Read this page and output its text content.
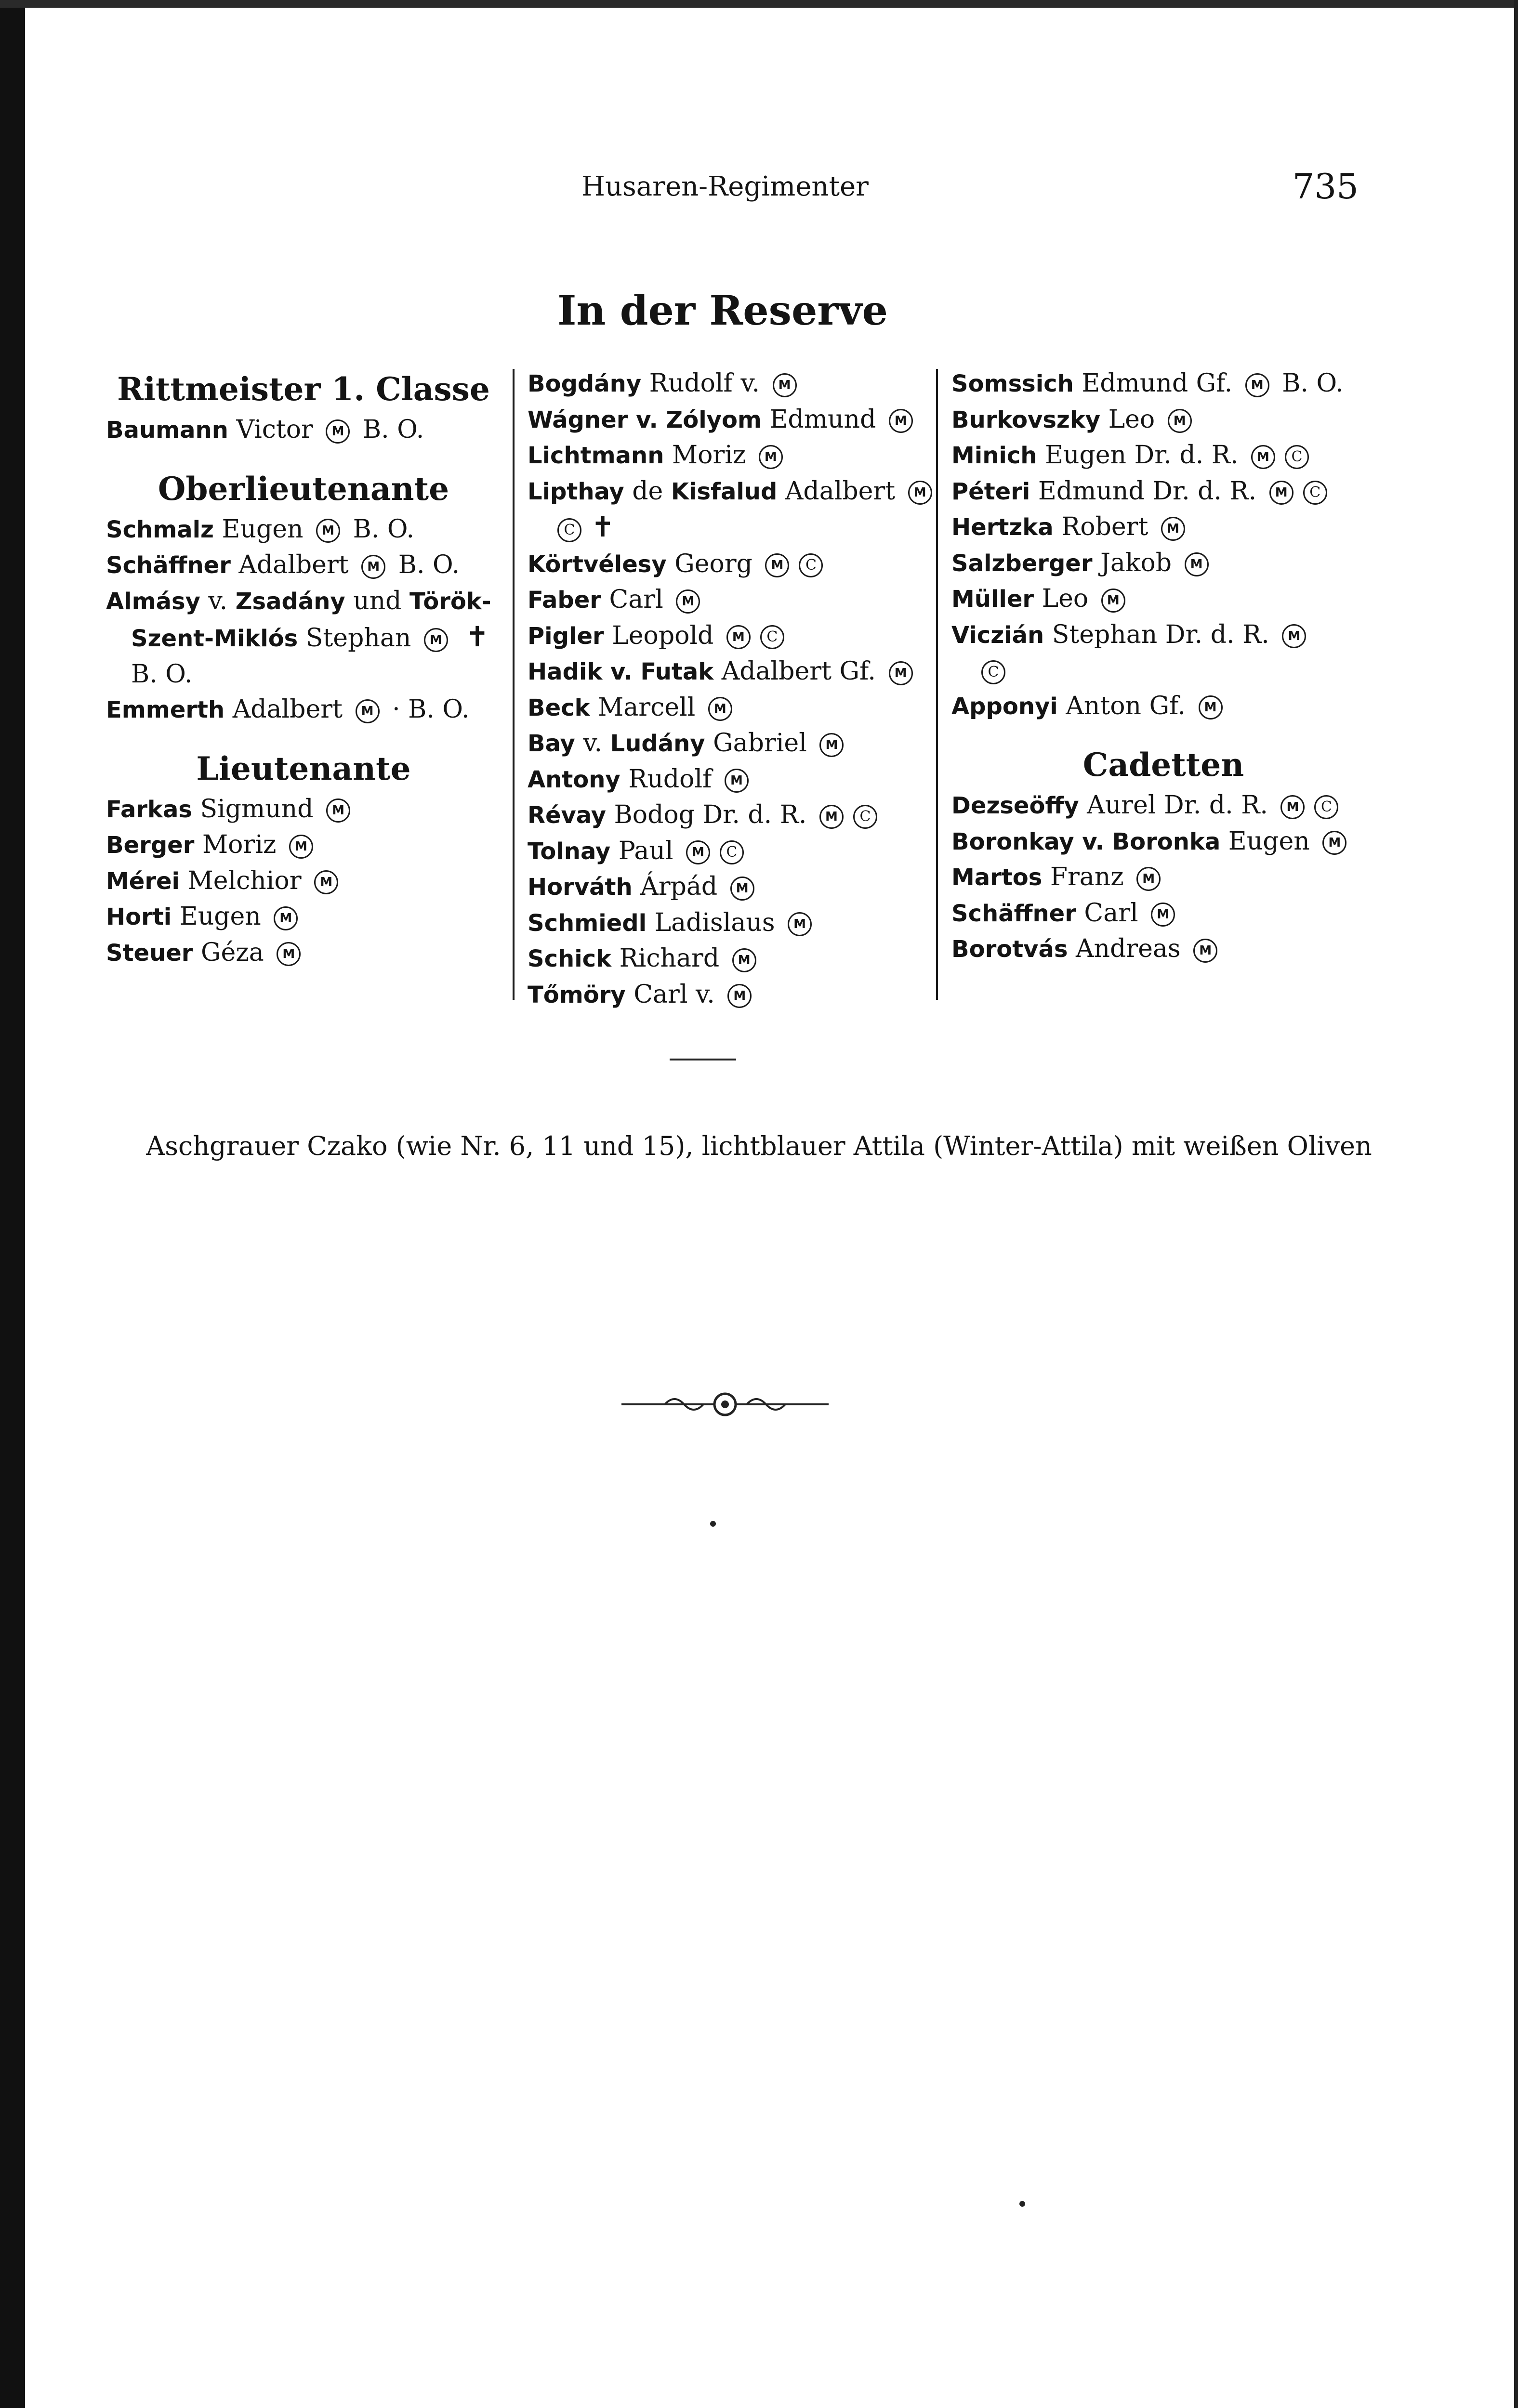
Husaren-Regimenter	735
In der Reserve
Rittmeister 1. Classe
Baumann Victor M B. O.
Oberlieutenante
Schmalz Eugen M B. O.
Schäffner Adalbert M B. O.
Almásy v. Zsadány und Török-
Szent-Miklós Stephan M ✝
B. O.
Emmerth Adalbert M · B. O.
Lieutenante
Farkas Sigmund M
Berger Moriz M
Mérei Melchior M
Horti Eugen M
Steuer Géza M
Bogdány Rudolf v. M
Wágner v. Zólyom Edmund M
Lichtmann Moriz M
Lipthay de Kisfalud Adalbert M
C ✝
Körtvélesy Georg M C
Faber Carl M
Pigler Leopold M C
Hadik v. Futak Adalbert Gf. M
Beck Marcell M
Bay v. Ludány Gabriel M
Antony Rudolf M
Révay Bodog Dr. d. R. M C
Tolnay Paul M C
Horváth Árpád M
Schmiedl Ladislaus M
Schick Richard M
Tőmöry Carl v. M
Somssich Edmund Gf. M B. O.
Burkovszky Leo M
Minich Eugen Dr. d. R. M C
Péteri Edmund Dr. d. R. M C
Hertzka Robert M
Salzberger Jakob M
Müller Leo M
Viczián Stephan Dr. d. R. M
C
Apponyi Anton Gf. M
Cadetten
Dezseöffy Aurel Dr. d. R. M C
Boronkay v. Boronka Eugen M
Martos Franz M
Schäffner Carl M
Borotvás Andreas M
Aschgrauer Czako (wie Nr. 6, 11 und 15), lichtblauer Attila (Winter-Attila) mit weißen Oliven
